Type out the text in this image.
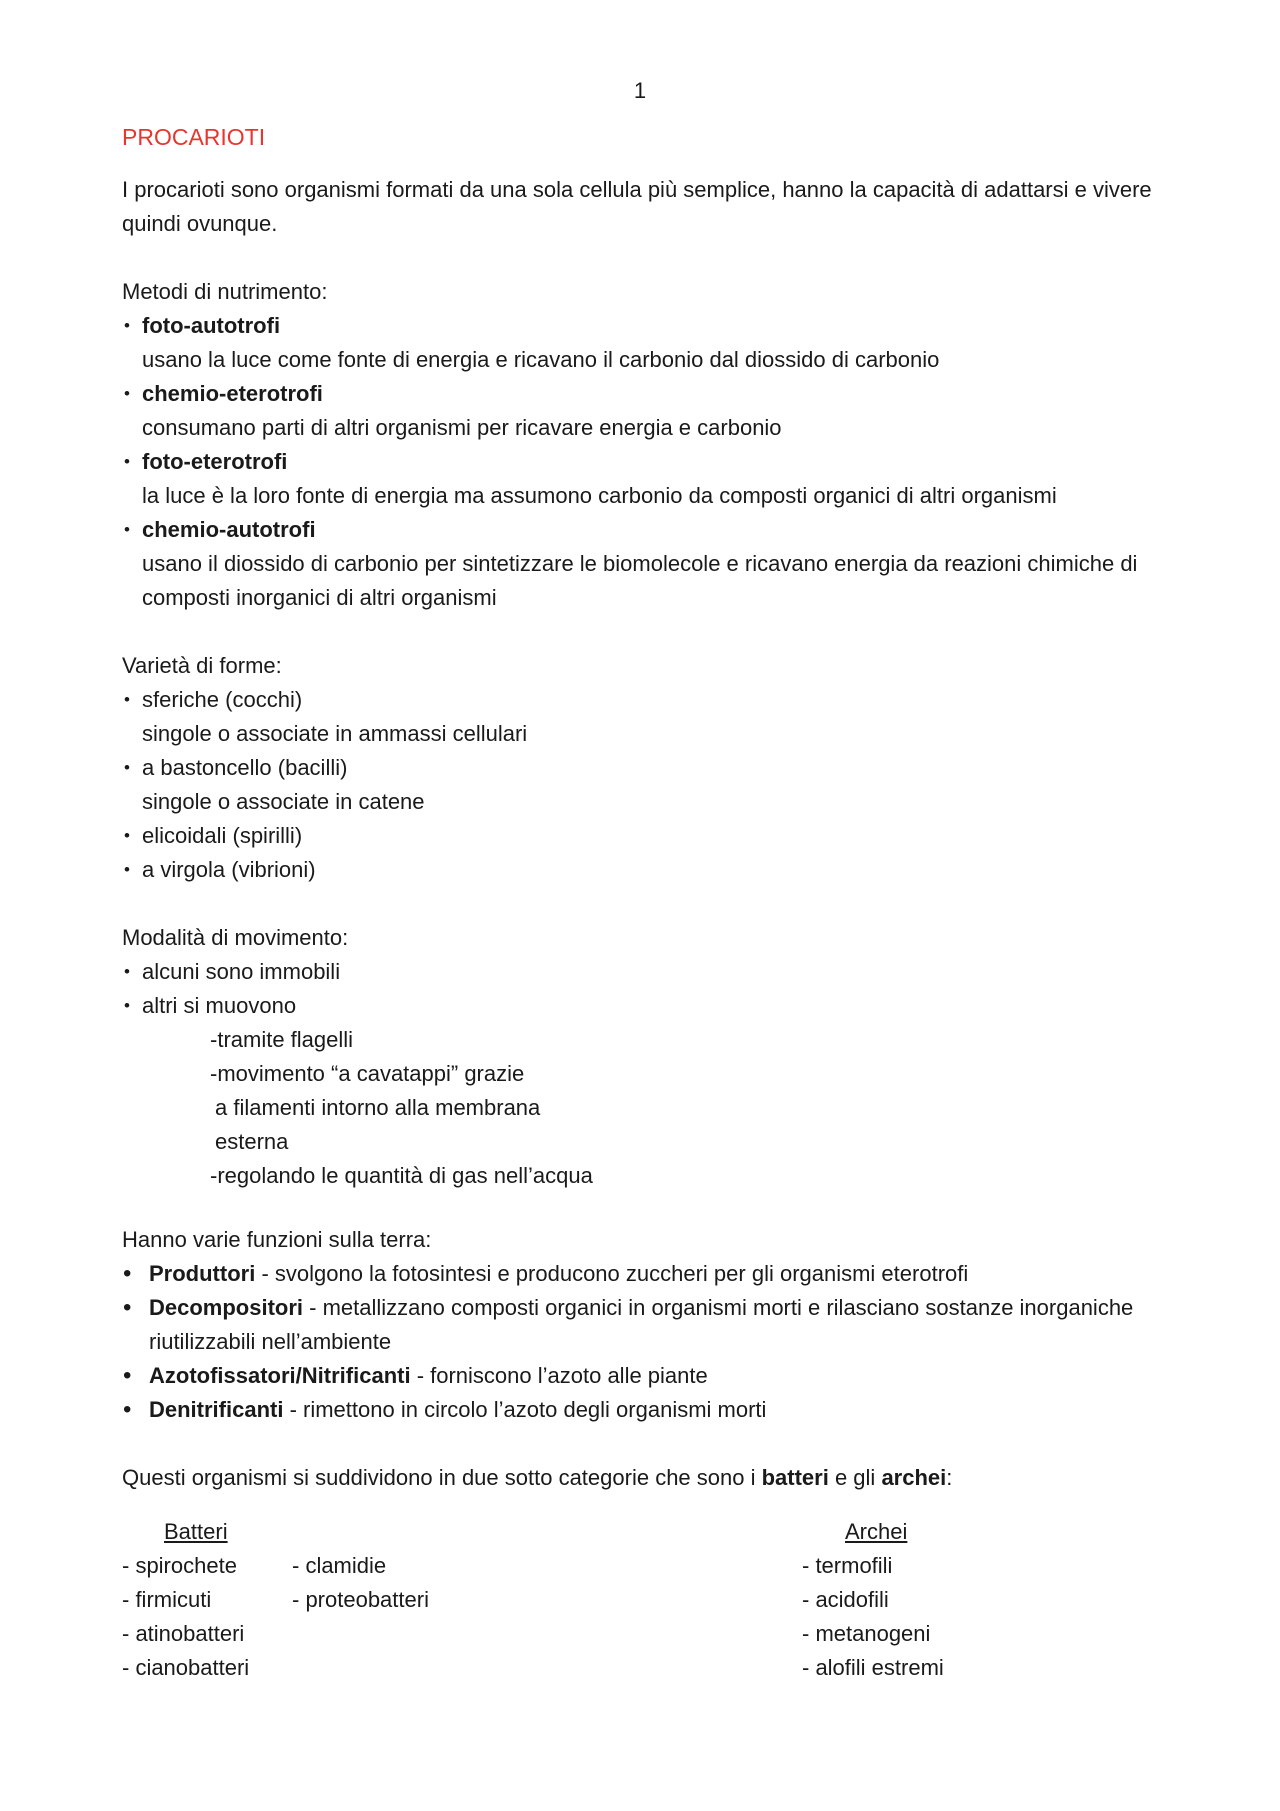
1
PROCARIOTI

I procarioti sono organismi formati da una sola cellula più semplice, hanno la capacità di adattarsi e vivere quindi ovunque.

Metodi di nutrimento:

• foto-autotrofi
usano la luce come fonte di energia e ricavano il carbonio dal diossido di carbonio
• chemio-eterotrofi
consumano parti di altri organismi per ricavare energia e carbonio
• foto-eterotrofi
la luce è la loro fonte di energia ma assumono carbonio da composti organici di altri organismi
• chemio-autotrofi
usano il diossido di carbonio per sintetizzare le biomolecole e ricavano energia da reazioni chimiche di composti inorganici di altri organismi

Varietà di forme:

• sferiche (cocchi)
singole o associate in ammassi cellulari
• a bastoncello (bacilli)
singole o associate in catene
• elicoidali (spirilli)
• a virgola (vibrioni)

Modalità di movimento:

• alcuni sono immobili
• altri si muovono
-tramite flagelli
-movimento “a cavatappi” grazie
a filamenti intorno alla membrana
esterna
-regolando le quantità di gas nell’acqua

Hanno varie funzioni sulla terra:

• Produttori - svolgono la fotosintesi e producono zuccheri per gli organismi eterotrofi
• Decompositori - metallizzano composti organici in organismi morti e rilasciano sostanze inorganiche riutilizzabili nell’ambiente
• Azotofissatori/Nitrificanti - forniscono l’azoto alle piante
• Denitrificanti - rimettono in circolo l’azoto degli organismi morti

Questi organismi si suddividono in due sotto categorie che sono i batteri e gli archei:

Batteri
- spirochete
- firmicuti
- atinobatteri
- cianobatteri
- clamidie
- proteobatteri
Archei
- termofili
- acidofili
- metanogeni
- alofili estremi
